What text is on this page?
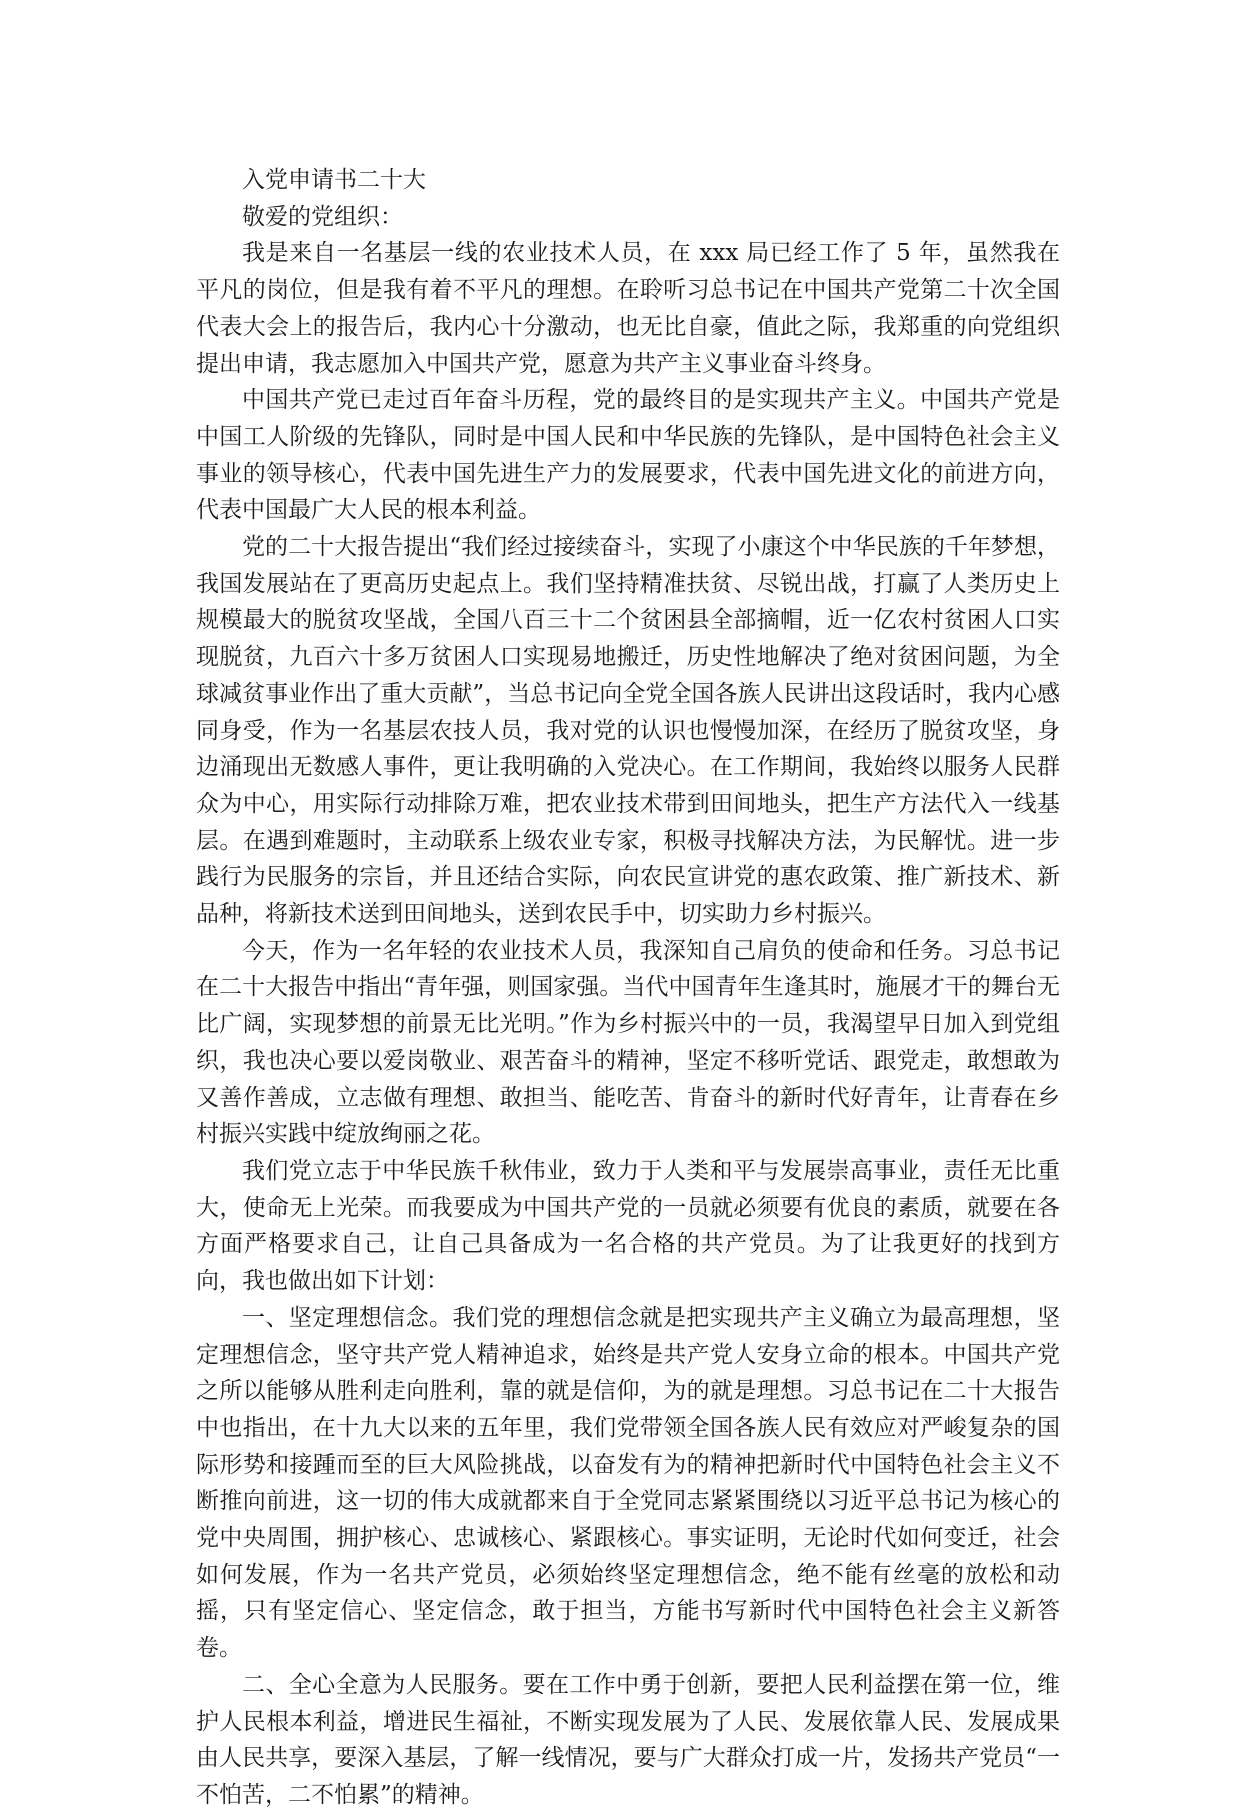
入党申请书二十大

敬爱的党组织：

我是来自一名基层一线的农业技术人员，在 xxx 局已经工作了 5 年，虽然我在平凡的岗位，但是我有着不平凡的理想。在聆听习总书记在中国共产党第二十次全国代表大会上的报告后，我内心十分激动，也无比自豪，值此之际，我郑重的向党组织提出申请，我志愿加入中国共产党，愿意为共产主义事业奋斗终身。

中国共产党已走过百年奋斗历程，党的最终目的是实现共产主义。中国共产党是中国工人阶级的先锋队，同时是中国人民和中华民族的先锋队，是中国特色社会主义事业的领导核心，代表中国先进生产力的发展要求，代表中国先进文化的前进方向，代表中国最广大人民的根本利益。

党的二十大报告提出“我们经过接续奋斗，实现了小康这个中华民族的千年梦想，我国发展站在了更高历史起点上。我们坚持精准扶贫、尽锐出战，打赢了人类历史上规模最大的脱贫攻坚战，全国八百三十二个贫困县全部摘帽，近一亿农村贫困人口实现脱贫，九百六十多万贫困人口实现易地搬迁，历史性地解决了绝对贫困问题，为全球减贫事业作出了重大贡献”，当总书记向全党全国各族人民讲出这段话时，我内心感同身受，作为一名基层农技人员，我对党的认识也慢慢加深，在经历了脱贫攻坚，身边涌现出无数感人事件，更让我明确的入党决心。在工作期间，我始终以服务人民群众为中心，用实际行动排除万难，把农业技术带到田间地头，把生产方法代入一线基层。在遇到难题时，主动联系上级农业专家，积极寻找解决方法，为民解忧。进一步践行为民服务的宗旨，并且还结合实际，向农民宣讲党的惠农政策、推广新技术、新品种，将新技术送到田间地头，送到农民手中，切实助力乡村振兴。

今天，作为一名年轻的农业技术人员，我深知自己肩负的使命和任务。习总书记在二十大报告中指出“青年强，则国家强。当代中国青年生逢其时，施展才干的舞台无比广阔，实现梦想的前景无比光明。”作为乡村振兴中的一员，我渴望早日加入到党组织，我也决心要以爱岗敬业、艰苦奋斗的精神，坚定不移听党话、跟党走，敢想敢为又善作善成，立志做有理想、敢担当、能吃苦、肯奋斗的新时代好青年，让青春在乡村振兴实践中绽放绚丽之花。

我们党立志于中华民族千秋伟业，致力于人类和平与发展崇高事业，责任无比重大，使命无上光荣。而我要成为中国共产党的一员就必须要有优良的素质，就要在各方面严格要求自己，让自己具备成为一名合格的共产党员。为了让我更好的找到方向，我也做出如下计划：

一、坚定理想信念。我们党的理想信念就是把实现共产主义确立为最高理想，坚定理想信念，坚守共产党人精神追求，始终是共产党人安身立命的根本。中国共产党之所以能够从胜利走向胜利，靠的就是信仰，为的就是理想。习总书记在二十大报告中也指出，在十九大以来的五年里，我们党带领全国各族人民有效应对严峻复杂的国际形势和接踵而至的巨大风险挑战，以奋发有为的精神把新时代中国特色社会主义不断推向前进，这一切的伟大成就都来自于全党同志紧紧围绕以习近平总书记为核心的党中央周围，拥护核心、忠诚核心、紧跟核心。事实证明，无论时代如何变迁，社会如何发展，作为一名共产党员，必须始终坚定理想信念，绝不能有丝毫的放松和动摇，只有坚定信心、坚定信念，敢于担当，方能书写新时代中国特色社会主义新答卷。

二、全心全意为人民服务。要在工作中勇于创新，要把人民利益摆在第一位，维护人民根本利益，增进民生福祉，不断实现发展为了人民、发展依靠人民、发展成果由人民共享，要深入基层，了解一线情况，要与广大群众打成一片，发扬共产党员“一不怕苦，二不怕累”的精神。
